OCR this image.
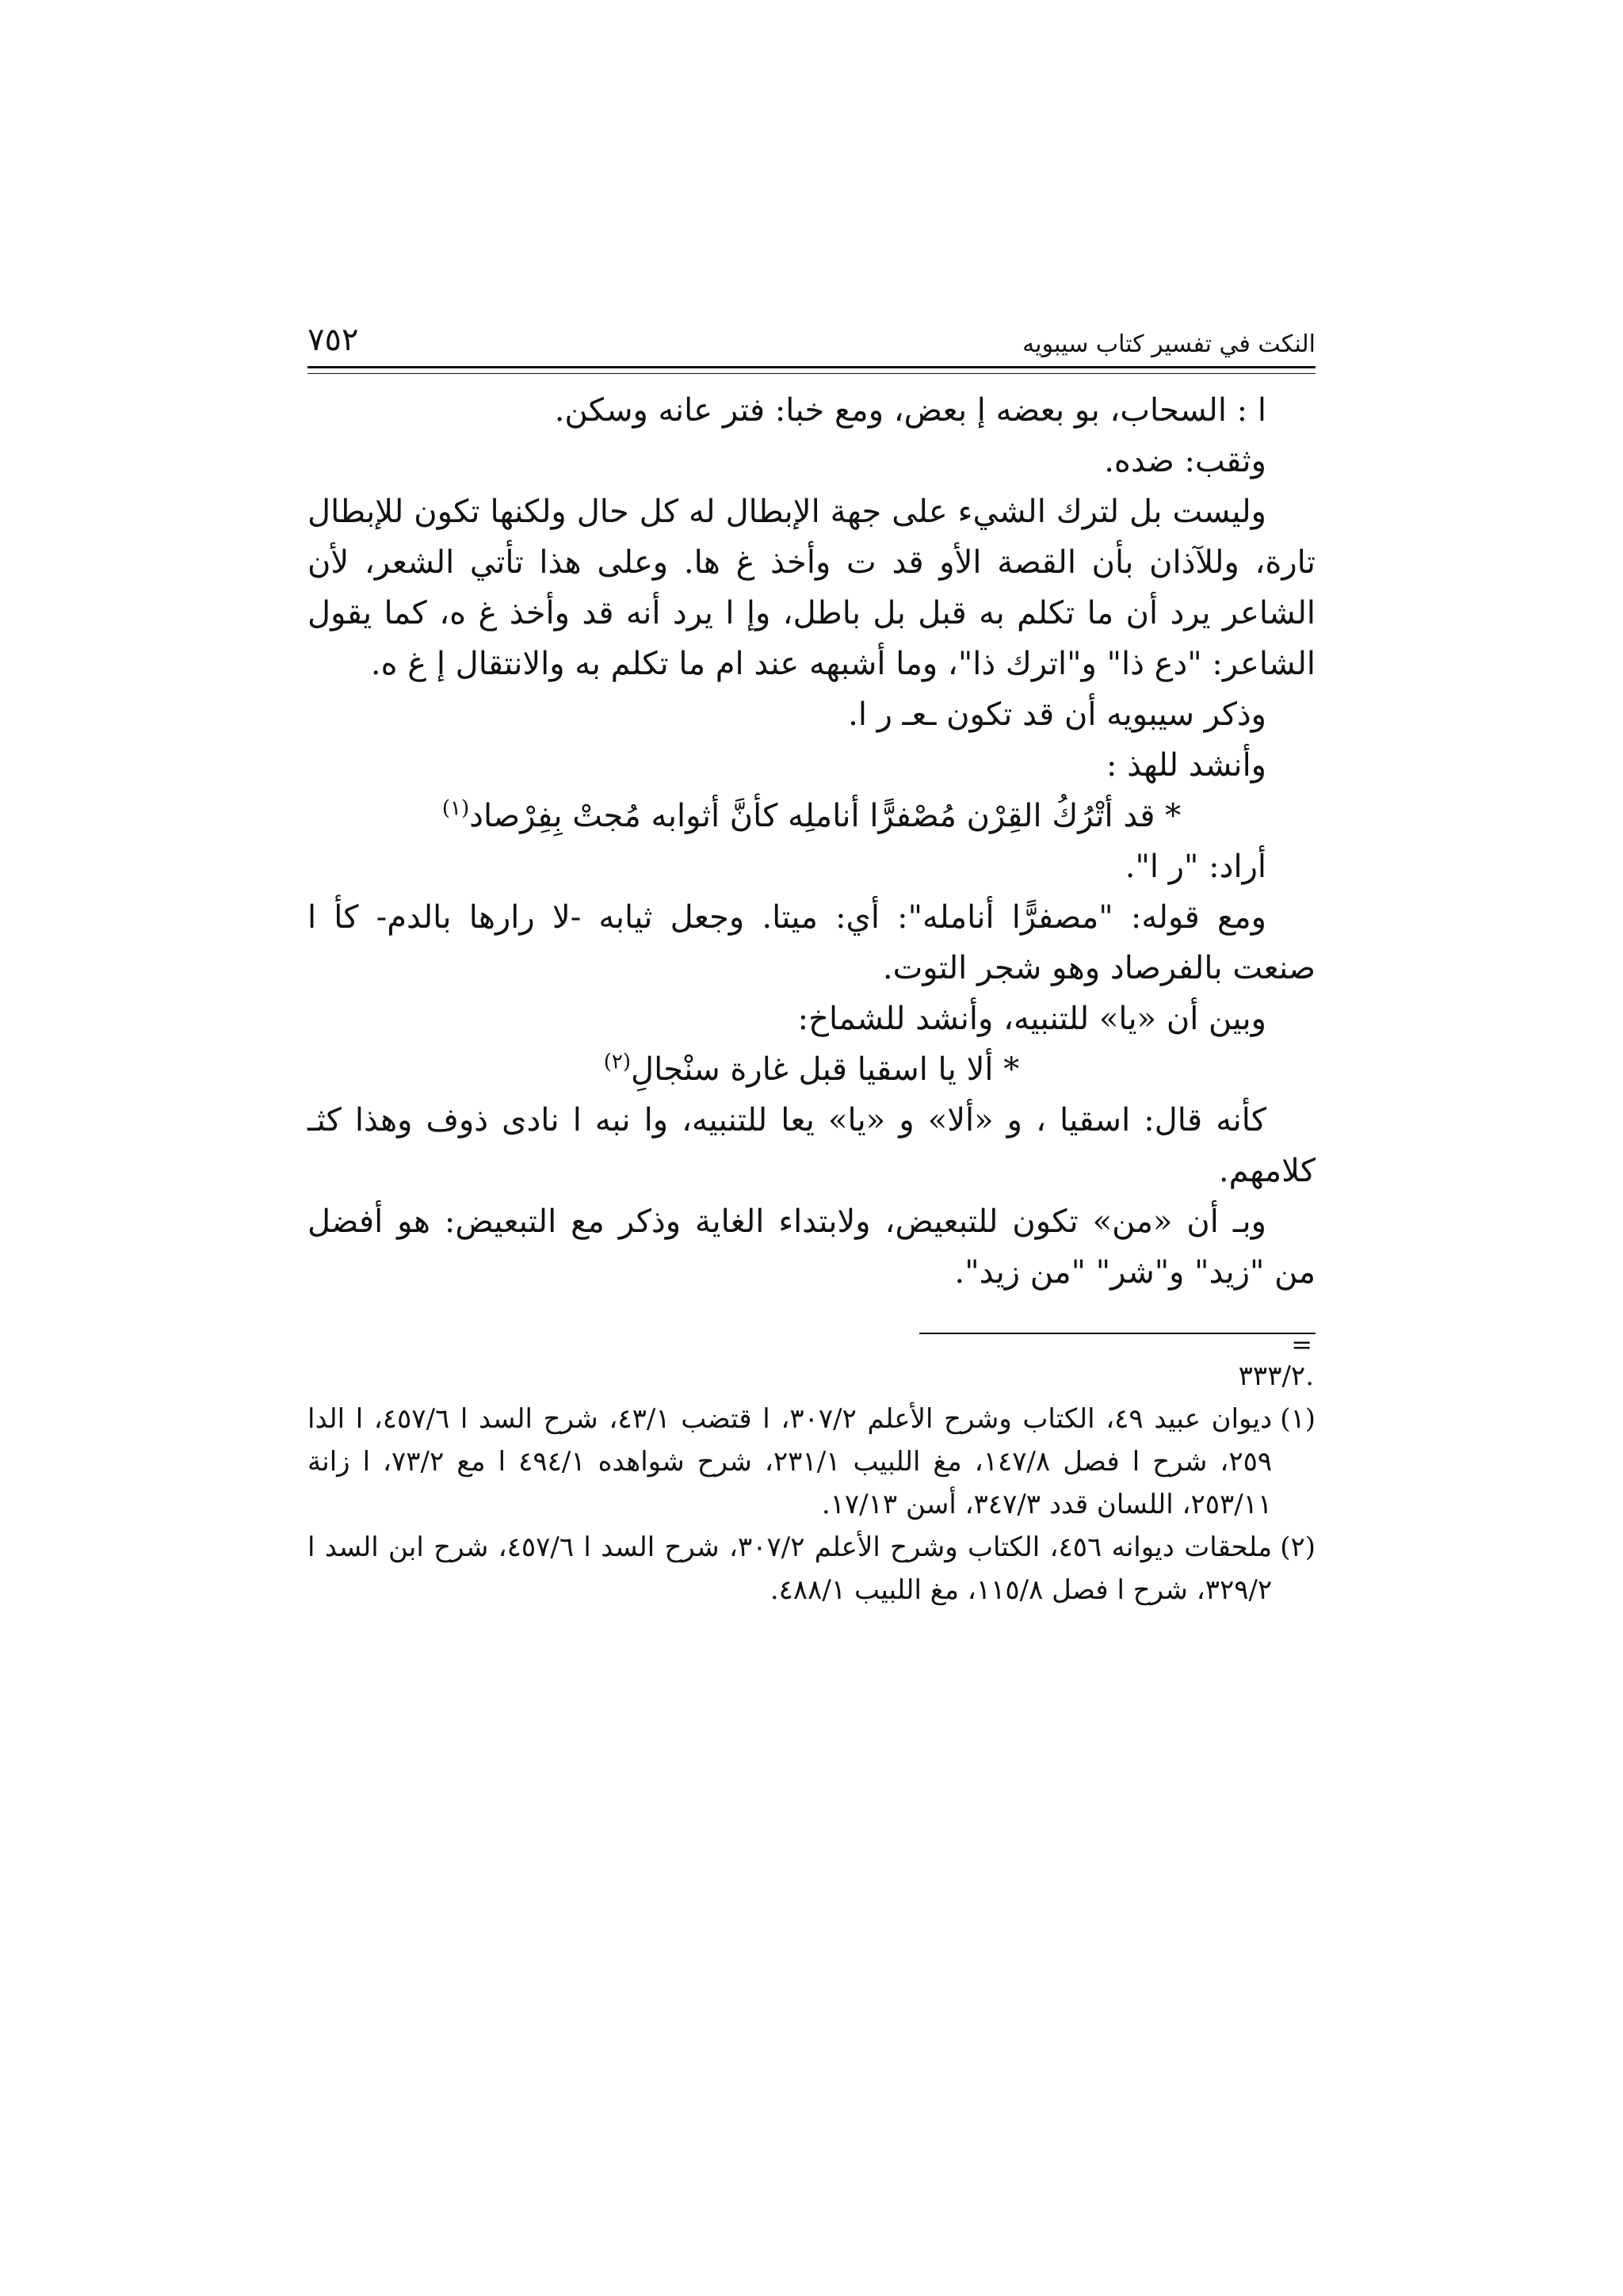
النكت في تفسير كتاب سيبويه
٧٥٢

ا : السحاب، بو بعضه إ بعض، ومع خبا: فتر عانه وسكن.

وثقب: ضده.

وليست بل لترك الشيء على جهة الإبطال له كل حال ولكنها تكون للإبطال تارة، وللآذان بأن القصة الأو قد ت وأخذ غ ها. وعلى هذا تأتي الشعر، لأن الشاعر يرد أن ما تكلم به قبل بل باطل، وإ ا يرد أنه قد وأخذ غ ه، كما يقول الشاعر: "دع ذا" و"اترك ذا"، وما أشبهه عند ام ما تكلم به والانتقال إ غ ه.

وذكر سيبويه أن قد تكون ـعـ ر ا.

وأنشد للهذ :

* قد أتْرُكُ القِرْن مُصْفرًّا أناملِه كأنَّ أثوابه مُجتْ بِفِرْصاد$^{(١)}$

أراد: "ر ا".

ومع قوله: "مصفرًّا أنامله": أي: ميتا. وجعل ثيابه -لا رارها بالدم- كأ ا صنعت بالفرصاد وهو شجر التوت.

وبين أن «يا» للتنبيه، وأنشد للشماخ:

* ألا يا اسقيا قبل غارة سنْجالِ$^{(٢)}$

كأنه قال: اسقيا ، و «ألا» و «يا» يعا للتنبيه، وا نبه ا نادى ذوف وهذا كثـ كلامهم.

وبـ أن «من» تكون للتبعيض، ولابتداء الغاية وذكر مع التبعيض: هو أفضل من "زيد" و"شر" "من زيد".

=

.٣٣٣/٢

(١)
ديوان عبيد ٤٩، الكتاب وشرح الأعلم ٣٠٧/٢، ا قتضب ٤٣/١، شرح السد ا ٤٥٧/٦، ا الدا ٢٥٩، شرح ا فصل ١٤٧/٨، مغ اللبيب ٢٣١/١، شرح شواهده ٤٩٤/١ ا مع ٧٣/٢، ا زانة ٢٥٣/١١، اللسان قدد ٣٤٧/٣، أسن ١٧/١٣.
(٢)
ملحقات ديوانه ٤٥٦، الكتاب وشرح الأعلم ٣٠٧/٢، شرح السد ا ٤٥٧/٦، شرح ابن السد ا ٣٢٩/٢، شرح ا فصل ١١٥/٨، مغ اللبيب ٤٨٨/١.
